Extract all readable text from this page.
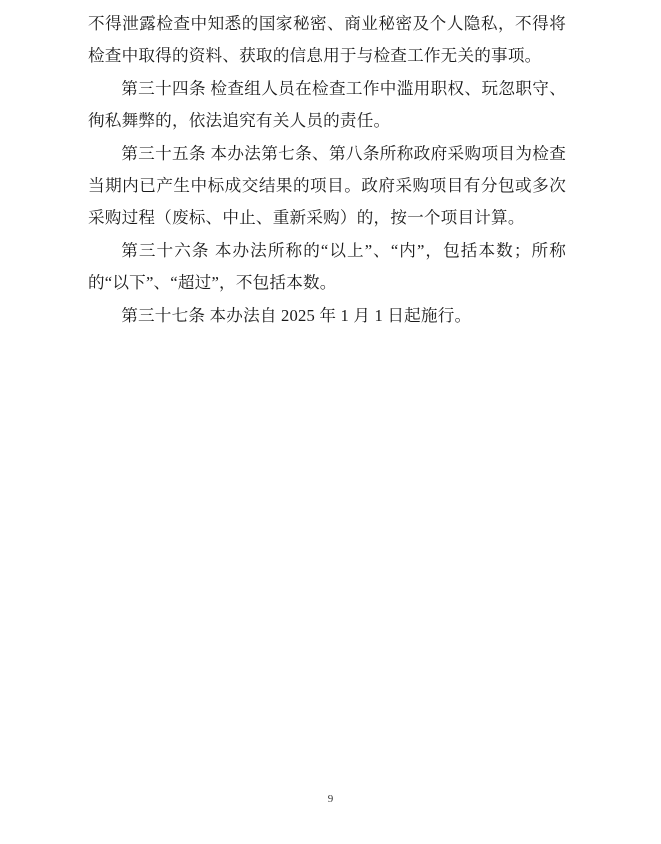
不得泄露检查中知悉的国家秘密、商业秘密及个人隐私，不得将检查中取得的资料、获取的信息用于与检查工作无关的事项。

第三十四条 检查组人员在检查工作中滥用职权、玩忽职守、徇私舞弊的，依法追究有关人员的责任。

第三十五条 本办法第七条、第八条所称政府采购项目为检查当期内已产生中标成交结果的项目。政府采购项目有分包或多次采购过程（废标、中止、重新采购）的，按一个项目计算。

第三十六条 本办法所称的“以上”、“内”，包括本数；所称的“以下”、“超过”，不包括本数。

第三十七条 本办法自 2025 年 1 月 1 日起施行。

9
